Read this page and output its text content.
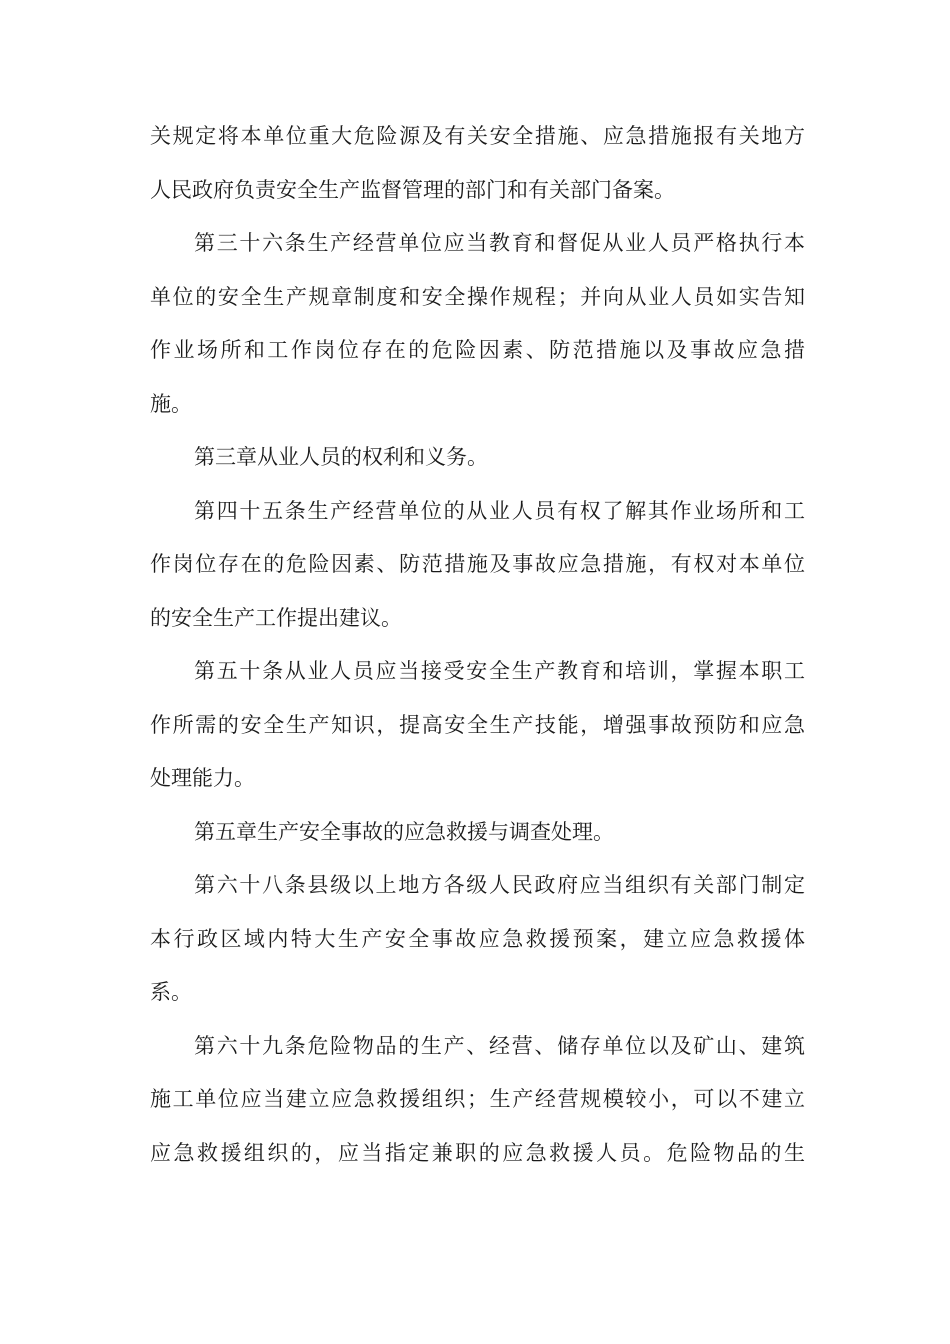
关规定将本单位重大危险源及有关安全措施、应急措施报有关地方
人民政府负责安全生产监督管理的部门和有关部门备案。
第三十六条生产经营单位应当教育和督促从业人员严格执行本
单位的安全生产规章制度和安全操作规程；并向从业人员如实告知
作业场所和工作岗位存在的危险因素、防范措施以及事故应急措
施。
第三章从业人员的权利和义务。
第四十五条生产经营单位的从业人员有权了解其作业场所和工
作岗位存在的危险因素、防范措施及事故应急措施，有权对本单位
的安全生产工作提出建议。
第五十条从业人员应当接受安全生产教育和培训，掌握本职工
作所需的安全生产知识，提高安全生产技能，增强事故预防和应急
处理能力。
第五章生产安全事故的应急救援与调查处理。
第六十八条县级以上地方各级人民政府应当组织有关部门制定
本行政区域内特大生产安全事故应急救援预案，建立应急救援体
系。
第六十九条危险物品的生产、经营、储存单位以及矿山、建筑
施工单位应当建立应急救援组织；生产经营规模较小，可以不建立
应急救援组织的，应当指定兼职的应急救援人员。危险物品的生
